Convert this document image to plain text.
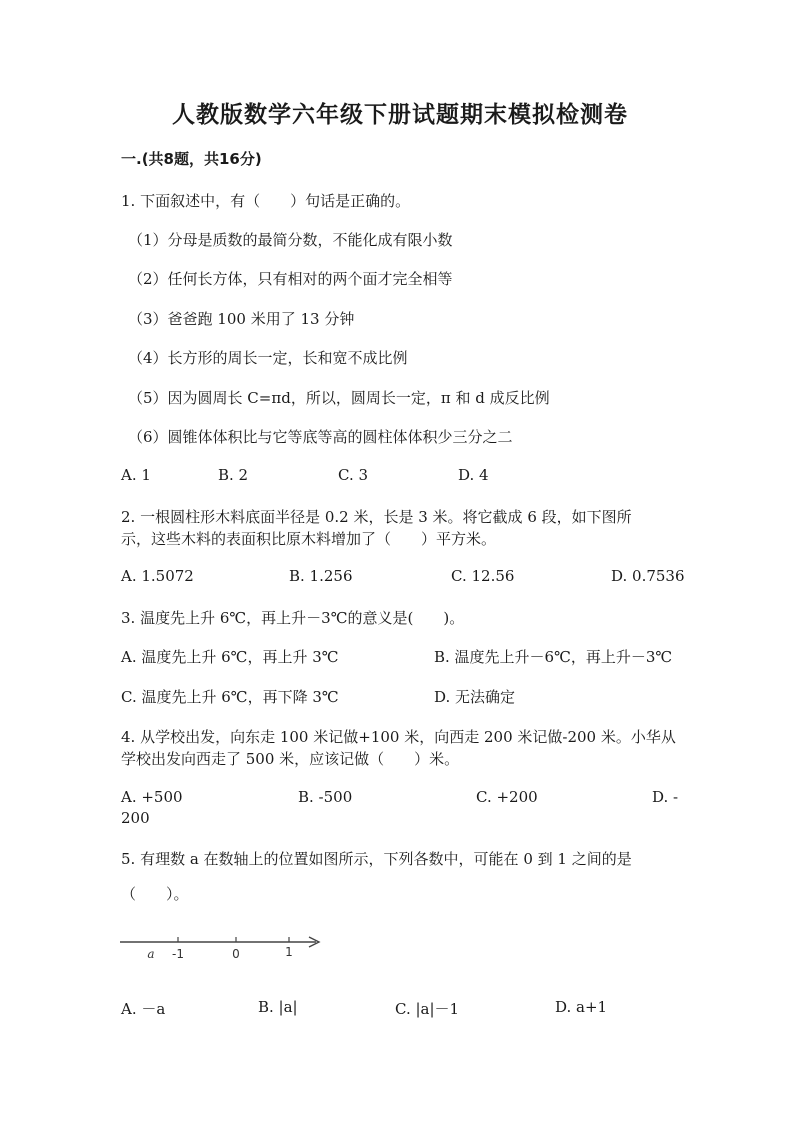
人教版数学六年级下册试题期末模拟检测卷
一.(共8题，共16分)
1. 下面叙述中，有（　　）句话是正确的。
（1）分母是质数的最简分数，不能化成有限小数
（2）任何长方体，只有相对的两个面才完全相等
（3）爸爸跑 100 米用了 13 分钟
（4）长方形的周长一定，长和宽不成比例
（5）因为圆周长 C=πd，所以，圆周长一定，π 和 d 成反比例
（6）圆锥体体积比与它等底等高的圆柱体体积少三分之二
A. 1	B. 2	C. 3	D. 4
2. 一根圆柱形木料底面半径是 0.2 米，长是 3 米。将它截成 6 段，如下图所
示，这些木料的表面积比原木料增加了（　　）平方米。
A. 1.5072	B. 1.256	C. 12.56	D. 0.7536
3. 温度先上升 6℃，再上升－3℃的意义是(　　)。
A. 温度先上升 6℃，再上升 3℃	B. 温度先上升－6℃，再上升－3℃
C. 温度先上升 6℃，再下降 3℃	D. 无法确定
4. 从学校出发，向东走 100 米记做+100 米，向西走 200 米记做-200 米。小华从
学校出发向西走了 500 米，应该记做（　　）米。
A. +500	B. -500	C. +200	D. -
200
5. 有理数 a 在数轴上的位置如图所示，下列各数中，可能在 0 到 1 之间的是
（　　）。
a -1	0	1
A. －a	B. |a|	C. |a|－1	D. a+1
